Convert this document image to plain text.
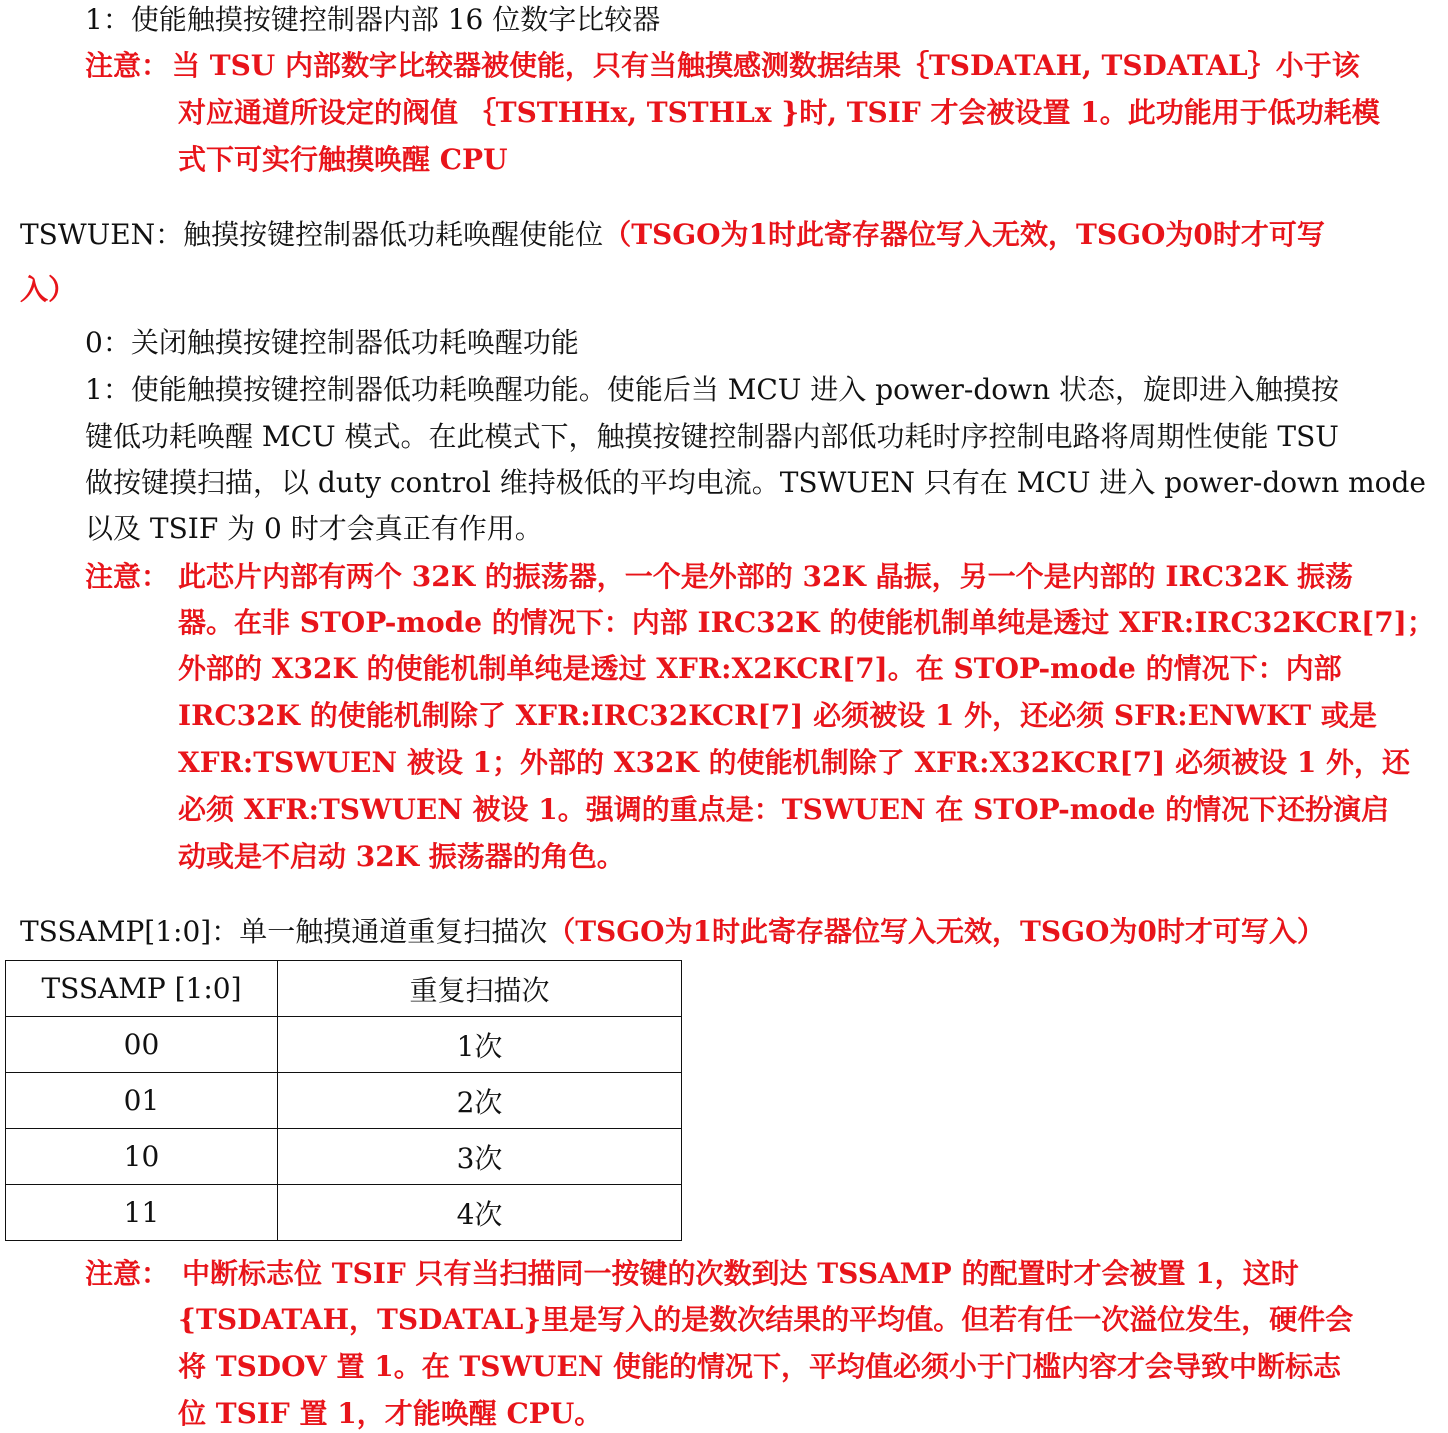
1：使能触摸按键控制器内部 16 位数字比较器
注意： 当 TSU 内部数字比较器被使能，只有当触摸感测数据结果｛TSDATAH, TSDATAL｝小于该
对应通道所设定的阀值 ｛TSTHHx, TSTHLx }时, TSIF 才会被设置 1。此功能用于低功耗模
式下可实行触摸唤醒 CPU
TSWUEN：触摸按键控制器低功耗唤醒使能位（TSGO为1时此寄存器位写入无效，TSGO为0时才可写
入）
0：关闭触摸按键控制器低功耗唤醒功能
1：使能触摸按键控制器低功耗唤醒功能。使能后当 MCU 进入 power-down 状态，旋即进入触摸按
键低功耗唤醒 MCU 模式。在此模式下，触摸按键控制器内部低功耗时序控制电路将周期性使能 TSU
做按键摸扫描，以 duty control 维持极低的平均电流。TSWUEN 只有在 MCU 进入 power-down mode
以及 TSIF 为 0 时才会真正有作用。
注意： 此芯片内部有两个 32K 的振荡器，一个是外部的 32K 晶振，另一个是内部的 IRC32K 振荡
器。在非 STOP-mode 的情况下：内部 IRC32K 的使能机制单纯是透过 XFR:IRC32KCR[7]；
外部的 X32K 的使能机制单纯是透过 XFR:X2KCR[7]。在 STOP-mode 的情况下：内部
IRC32K 的使能机制除了 XFR:IRC32KCR[7] 必须被设 1 外，还必须 SFR:ENWKT 或是
XFR:TSWUEN 被设 1；外部的 X32K 的使能机制除了 XFR:X32KCR[7] 必须被设 1 外，还
必须 XFR:TSWUEN 被设 1。强调的重点是：TSWUEN 在 STOP-mode 的情况下还扮演启
动或是不启动 32K 振荡器的角色。
TSSAMP[1:0]：单一触摸通道重复扫描次（TSGO为1时此寄存器位写入无效，TSGO为0时才可写入）
TSSAMP [1:0]	重复扫描次
00	1次
01	2次
10	3次
11	4次
注意： 中断标志位 TSIF 只有当扫描同一按键的次数到达 TSSAMP 的配置时才会被置 1，这时
{TSDATAH，TSDATAL}里是写入的是数次结果的平均值。但若有任一次溢位发生，硬件会
将 TSDOV 置 1。在 TSWUEN 使能的情况下，平均值必须小于门槛内容才会导致中断标志
位 TSIF 置 1，才能唤醒 CPU。
